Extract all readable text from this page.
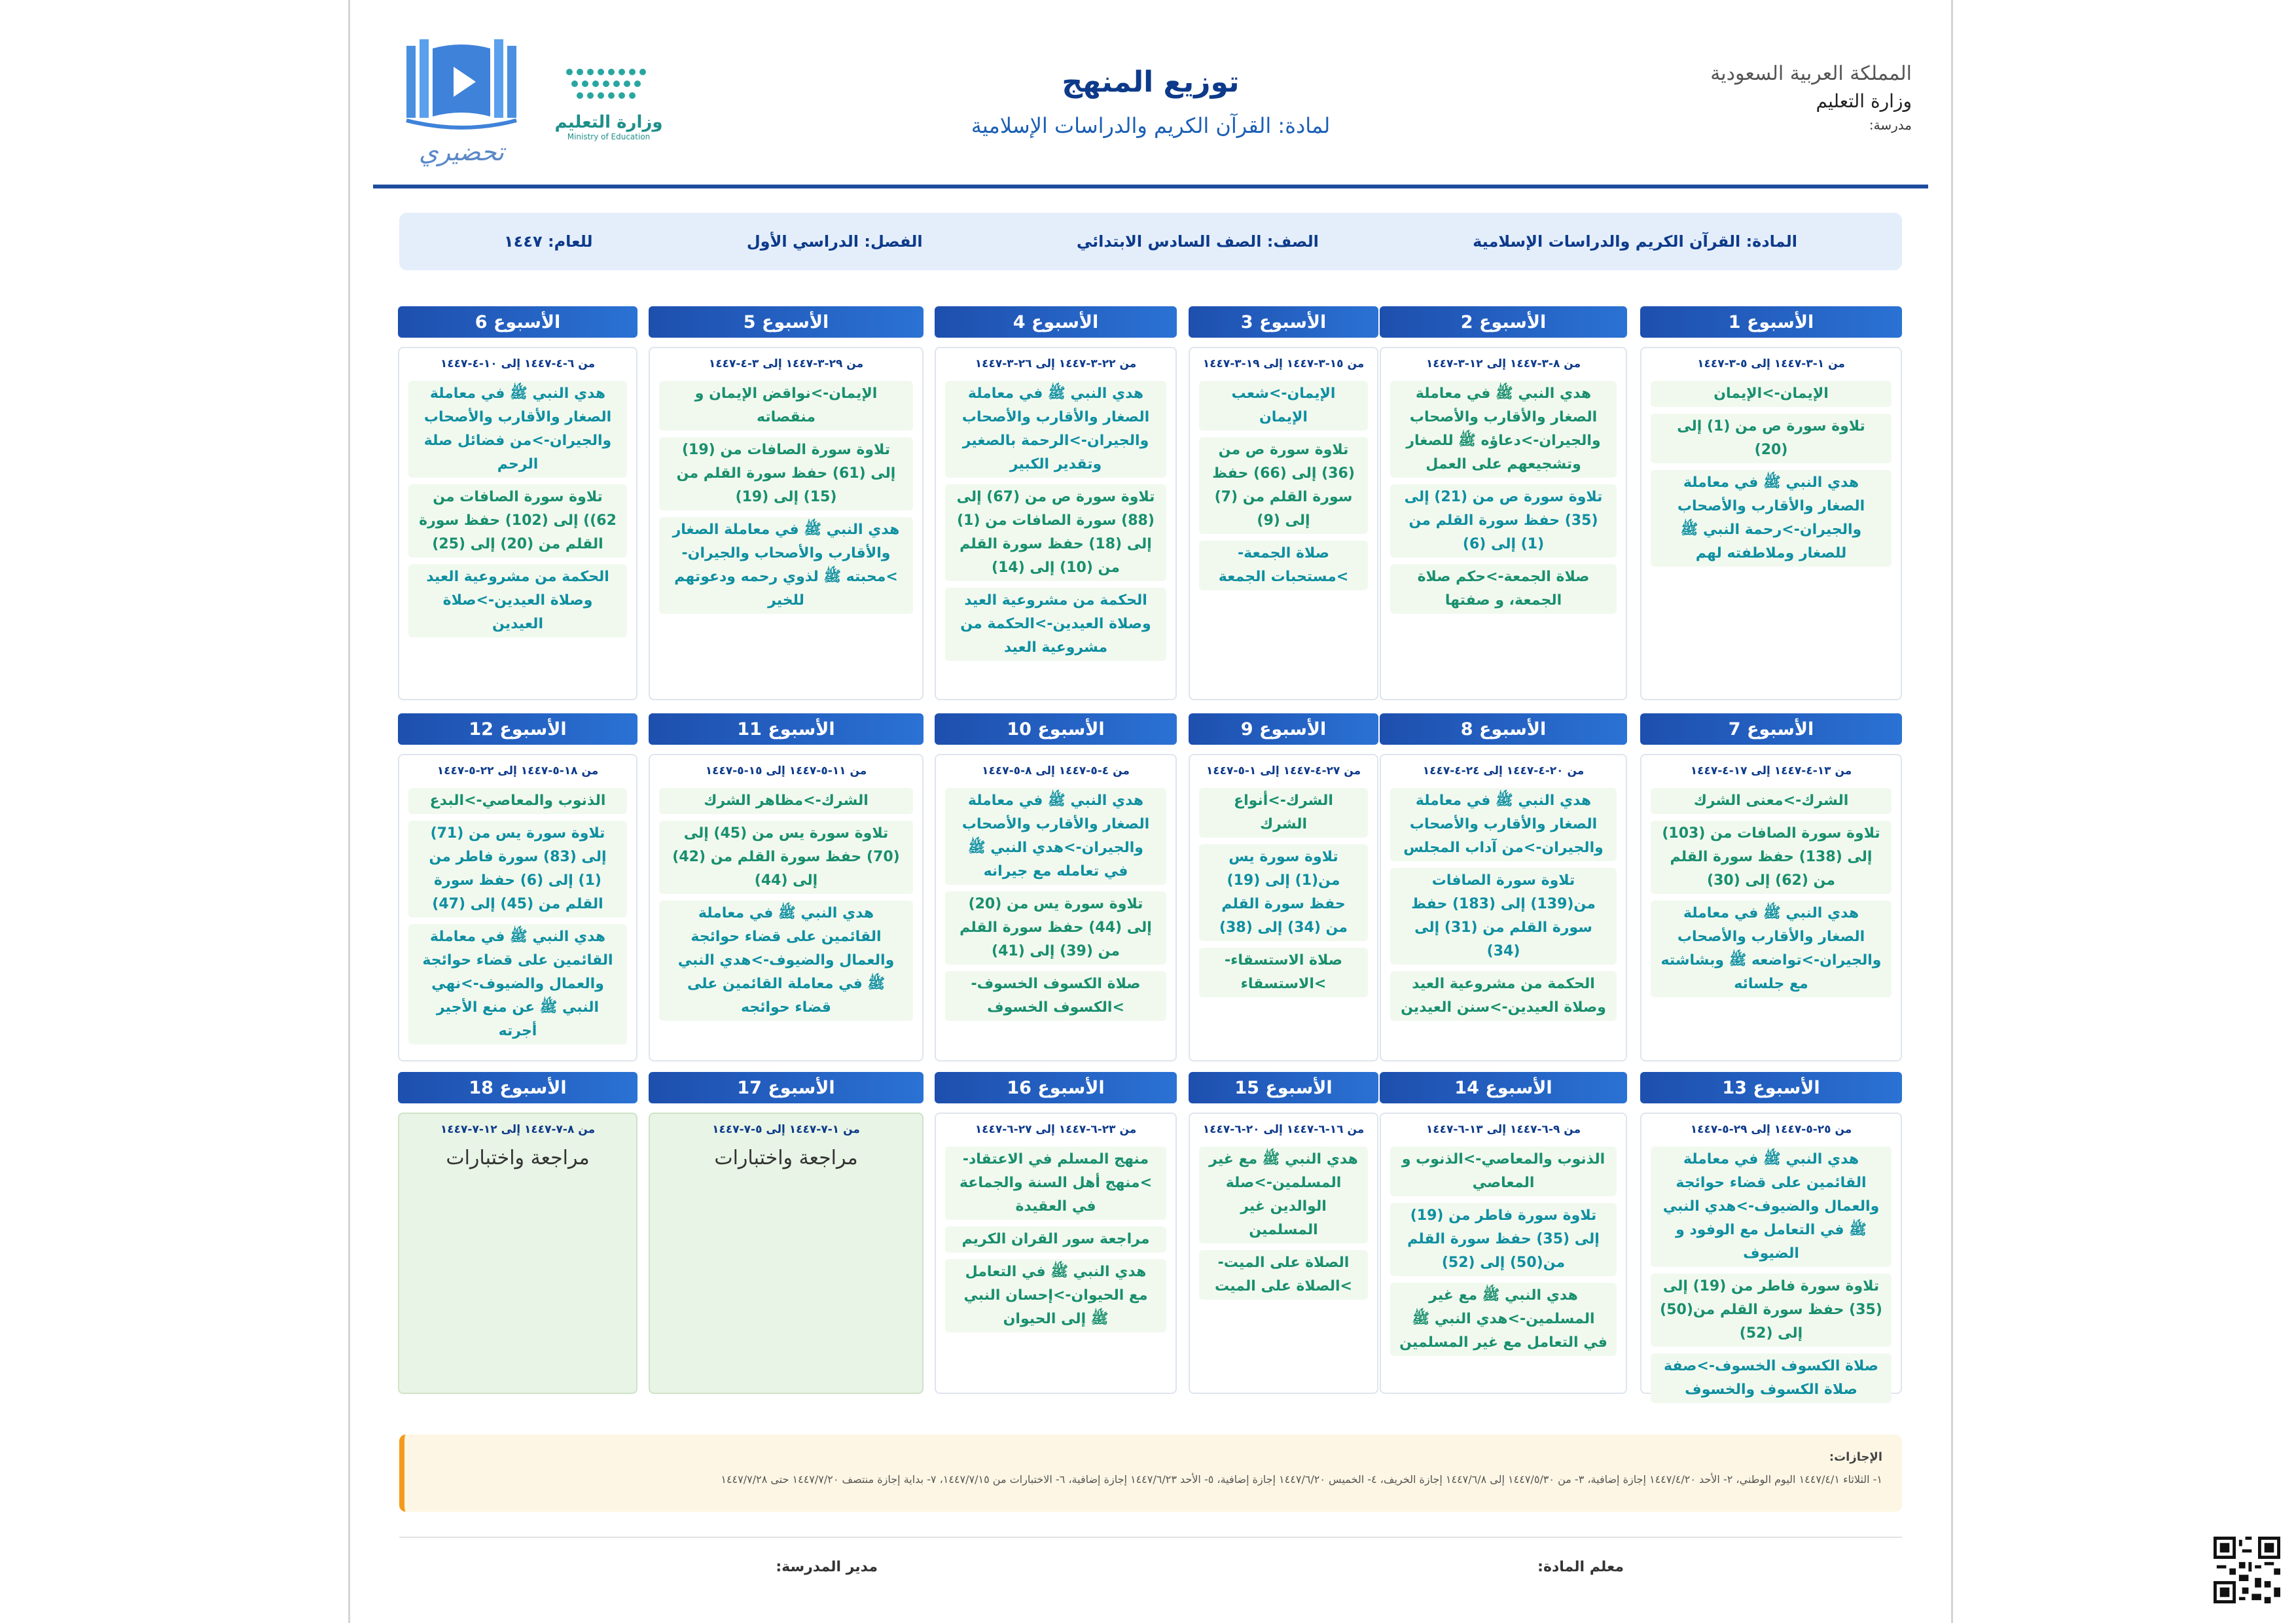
المملكة العربية السعودية
وزارة التعليم
مدرسة:
توزيع المنهج
لمادة: القرآن الكريم والدراسات الإسلامية
تحضيري
وزارة التعليم
Ministry of Education
المادة: القرآن الكريم والدراسات الإسلامية
الصف: الصف السادس الابتدائي
الفصل: الدراسي الأول
للعام: ١٤٤٧
الأسبوع 1
من ١-٣-١٤٤٧ إلى ٥-٣-١٤٤٧
الإيمان->الإيمان
تلاوة سورة ص من (1) إلى (20)
هدي النبي ﷺ في معاملة الصغار والأقارب والأصحاب والجيران->رحمة النبي ﷺ للصغار وملاطفته لهم
الأسبوع 2
من ٨-٣-١٤٤٧ إلى ١٢-٣-١٤٤٧
هدي النبي ﷺ في معاملة الصغار والأقارب والأصحاب والجيران->دعاؤه ﷺ للصغار وتشجيعهم على العمل
تلاوة سورة ص من (21) إلى (35) حفظ سورة القلم من (1) إلى (6)
صلاة الجمعة->حكم صلاة الجمعة، و صفتها
الأسبوع 3
من ١٥-٣-١٤٤٧ إلى ١٩-٣-١٤٤٧
الإيمان->شعب الإيمان
تلاوة سورة ص من (36) إلى (66) حفظ سورة القلم من (7) إلى (9)
صلاة الجمعة->مستحبات الجمعة
الأسبوع 4
من ٢٢-٣-١٤٤٧ إلى ٢٦-٣-١٤٤٧
هدي النبي ﷺ في معاملة الصغار والأقارب والأصحاب والجيران->الرحمة بالصغير وتقدير الكبير
تلاوة سورة ص من (67) إلى (88) سورة الصافات من (1) إلى (18) حفظ سورة القلم من (10) إلى (14)
الحكمة من مشروعية العيد وصلاة العيدين->الحكمة من مشروعية العيد
الأسبوع 5
من ٢٩-٣-١٤٤٧ إلى ٣-٤-١٤٤٧
الإيمان->نواقض الإيمان و منقصاته
تلاوة سورة الصافات من (19) إلى (61) حفظ سورة القلم من (15) إلى (19)
هدي النبي ﷺ في معاملة الصغار والأقارب والأصحاب والجيران->محبته ﷺ لذوي رحمه ودعوتهم للخير
الأسبوع 6
من ٦-٤-١٤٤٧ إلى ١٠-٤-١٤٤٧
هدي النبي ﷺ في معاملة الصغار والأقارب والأصحاب والجيران->من فضائل صلة الرحم
تلاوة سورة الصافات من 62)) إلى (102) حفظ سورة القلم من (20) إلى (25)
الحكمة من مشروعية العيد وصلاة العيدين->صلاة العيدين
الأسبوع 7
من ١٣-٤-١٤٤٧ إلى ١٧-٤-١٤٤٧
الشرك->معنى الشرك
تلاوة سورة الصافات من (103) إلى (138) حفظ سورة القلم من (62) إلى (30)
هدي النبي ﷺ في معاملة الصغار والأقارب والأصحاب والجيران->تواضعه ﷺ وبشاشته مع جلسائه
الأسبوع 8
من ٢٠-٤-١٤٤٧ إلى ٢٤-٤-١٤٤٧
هدي النبي ﷺ في معاملة الصغار والأقارب والأصحاب والجيران->من آداب المجلس
تلاوة سورة الصافات من(139) إلى (183) حفظ سورة القلم من (31) إلى (34)
الحكمة من مشروعية العيد وصلاة العيدين->سنن العيدين
الأسبوع 9
من ٢٧-٤-١٤٤٧ إلى ١-٥-١٤٤٧
الشرك->أنواع الشرك
تلاوة سورة يس من(1) إلى (19) حفظ سورة القلم من (34) إلى (38)
صلاة الاستسقاء->الاستسقاء
الأسبوع 10
من ٤-٥-١٤٤٧ إلى ٨-٥-١٤٤٧
هدي النبي ﷺ في معاملة الصغار والأقارب والأصحاب والجيران->هدي النبي ﷺ في تعامله مع جيرانه
تلاوة سورة يس من (20) إلى (44) حفظ سورة القلم من (39) إلى (41)
صلاة الكسوف الخسوف->الكسوف الخسوف
الأسبوع 11
من ١١-٥-١٤٤٧ إلى ١٥-٥-١٤٤٧
الشرك->مظاهر الشرك
تلاوة سورة يس من (45) إلى (70) حفظ سورة القلم من (42) إلى (44)
هدي النبي ﷺ في معاملة القائمين على قضاء حوائجة والعمال والضيوف->هدي النبي ﷺ في معاملة القائمين على قضاء حوائجه
الأسبوع 12
من ١٨-٥-١٤٤٧ إلى ٢٢-٥-١٤٤٧
الذنوب والمعاصي->البدع
تلاوة سورة يس من (71) إلى (83) سورة فاطر من (1) إلى (6) حفظ سورة القلم من (45) إلى (47)
هدي النبي ﷺ في معاملة القائمين على قضاء حوائجة والعمال والضيوف->نهي النبي ﷺ عن منع الأجير أجرته
الأسبوع 13
من ٢٥-٥-١٤٤٧ إلى ٢٩-٥-١٤٤٧
هدي النبي ﷺ في معاملة القائمين على قضاء حوائجة والعمال والضيوف->هدي النبي ﷺ في التعامل مع الوفود و الضيوف
تلاوة سورة فاطر من (19) إلى (35) حفظ سورة القلم من(50) إلى (52)
صلاة الكسوف الخسوف->صفة صلاة الكسوف والخسوف
الأسبوع 14
من ٩-٦-١٤٤٧ إلى ١٣-٦-١٤٤٧
الذنوب والمعاصي->الذنوب و المعاصي
تلاوة سورة فاطر من (19) إلى (35) حفظ سورة القلم من(50) إلى (52)
هدي النبي ﷺ مع غير المسلمين->هدي النبي ﷺ في التعامل مع غير المسلمين
الأسبوع 15
من ١٦-٦-١٤٤٧ إلى ٢٠-٦-١٤٤٧
هدي النبي ﷺ مع غير المسلمين->صلة الوالدين غير المسلمين
الصلاة على الميت->الصلاة على الميت
الأسبوع 16
من ٢٣-٦-١٤٤٧ إلى ٢٧-٦-١٤٤٧
منهج المسلم في الاعتقاد->منهج أهل السنة والجماعة في العقيدة
مراجعة سور القران الكريم
هدي النبي ﷺ في التعامل مع الحيوان->إحسان النبي ﷺ إلى الحيوان
الأسبوع 17
من ١-٧-١٤٤٧ إلى ٥-٧-١٤٤٧
مراجعة واختبارات
الأسبوع 18
من ٨-٧-١٤٤٧ إلى ١٢-٧-١٤٤٧
مراجعة واختبارات
الإجازات:
١- الثلاثاء ١٤٤٧/٤/١ اليوم الوطني، ٢- الأحد ١٤٤٧/٤/٢٠ إجازة إضافية، ٣- من ١٤٤٧/٥/٣٠ إلى ١٤٤٧/٦/٨ إجازة الخريف، ٤- الخميس ١٤٤٧/٦/٢٠ إجازة إضافية، ٥- الأحد ١٤٤٧/٦/٢٣ إجازة إضافية، ٦- الاختبارات من ١٤٤٧/٧/١٥، ٧- بداية إجازة منتصف ١٤٤٧/٧/٢٠ حتى ١٤٤٧/٧/٢٨
معلم المادة:
مدير المدرسة:
